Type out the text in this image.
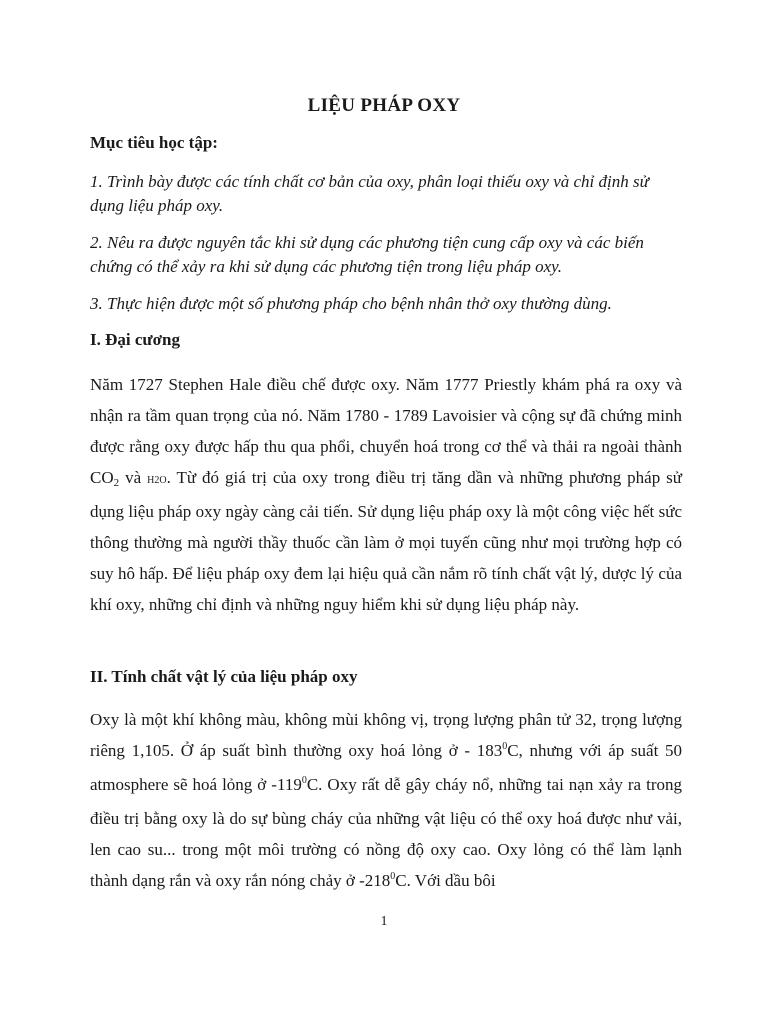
LIỆU PHÁP OXY
Mục tiêu học tập:
1. Trình bày được các tính chất cơ bản của oxy, phân loại thiếu oxy và chỉ định sử dụng liệu pháp oxy.
2. Nêu ra được nguyên tắc khi sử dụng các phương tiện cung cấp oxy và các biến chứng có thể xảy ra khi sử dụng các phương tiện trong liệu pháp oxy.
3. Thực hiện được một số phương pháp cho bệnh nhân thở oxy thường dùng.
I. Đại cương
Năm 1727 Stephen Hale điều chế được oxy. Năm 1777 Priestly khám phá ra oxy và nhận ra tầm quan trọng của nó. Năm 1780 - 1789 Lavoisier và cộng sự đã chứng minh được rằng oxy được hấp thu qua phổi, chuyển hoá trong cơ thể và thải ra ngoài thành CO2 và H2O. Từ đó giá trị của oxy trong điều trị tăng dần và những phương pháp sử dụng liệu pháp oxy ngày càng cải tiến. Sử dụng liệu pháp oxy là một công việc hết sức thông thường mà người thầy thuốc cần làm ở mọi tuyến cũng như mọi trường hợp có suy hô hấp. Để liệu pháp oxy đem lại hiệu quả cần nắm rõ tính chất vật lý, dược lý của khí oxy, những chỉ định và những nguy hiểm khi sử dụng liệu pháp này.
II. Tính chất vật lý của liệu pháp oxy
Oxy là một khí không màu, không mùi không vị, trọng lượng phân tử 32, trọng lượng riêng 1,105. Ở áp suất bình thường oxy hoá lỏng ở - $183^0C$, nhưng với áp suất 50 atmosphere sẽ hoá lỏng ở $-119^0C$. Oxy rất dễ gây cháy nổ, những tai nạn xảy ra trong điều trị bằng oxy là do sự bùng cháy của những vật liệu có thể oxy hoá được như vải, len cao su... trong một môi trường có nồng độ oxy cao. Oxy lỏng có thể làm lạnh thành dạng rắn và oxy rắn nóng chảy ở $-218^0C$. Với dầu bôi
1
